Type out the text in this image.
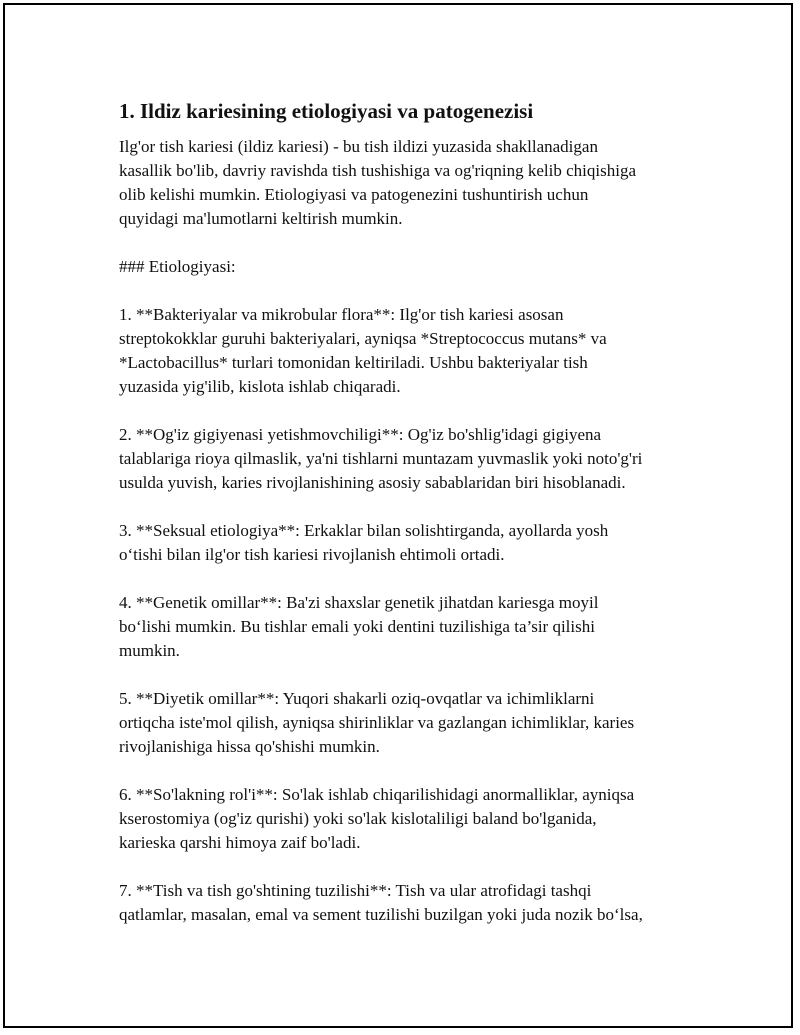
1. Ildiz kariesining etiologiyasi va patogenezisi

Ilg'or tish kariesi (ildiz kariesi) - bu tish ildizi yuzasida shakllanadigan
kasallik bo'lib, davriy ravishda tish tushishiga va og'riqning kelib chiqishiga
olib kelishi mumkin. Etiologiyasi va patogenezini tushuntirish uchun
quyidagi ma'lumotlarni keltirish mumkin.

### Etiologiyasi:

1. **Bakteriyalar va mikrobular flora**: Ilg'or tish kariesi asosan
streptokokklar guruhi bakteriyalari, ayniqsa *Streptococcus mutans* va
*Lactobacillus* turlari tomonidan keltiriladi. Ushbu bakteriyalar tish
yuzasida yig'ilib, kislota ishlab chiqaradi.

2. **Og'iz gigiyenasi yetishmovchiligi**: Og'iz bo'shlig'idagi gigiyena
talablariga rioya qilmaslik, ya'ni tishlarni muntazam yuvmaslik yoki noto'g'ri
usulda yuvish, karies rivojlanishining asosiy sabablaridan biri hisoblanadi.

3. **Seksual etiologiya**: Erkaklar bilan solishtirganda, ayollarda yosh
o‘tishi bilan ilg'or tish kariesi rivojlanish ehtimoli ortadi.

4. **Genetik omillar**: Ba'zi shaxslar genetik jihatdan kariesga moyil
bo‘lishi mumkin. Bu tishlar emali yoki dentini tuzilishiga ta’sir qilishi
mumkin.

5. **Diyetik omillar**: Yuqori shakarli oziq-ovqatlar va ichimliklarni
ortiqcha iste'mol qilish, ayniqsa shirinliklar va gazlangan ichimliklar, karies
rivojlanishiga hissa qo'shishi mumkin.

6. **So'lakning rol'i**: So'lak ishlab chiqarilishidagi anormalliklar, ayniqsa
kserostomiya (og'iz qurishi) yoki so'lak kislotaliligi baland bo'lganida,
karieska qarshi himoya zaif bo'ladi.

7. **Tish va tish go'shtining tuzilishi**: Tish va ular atrofidagi tashqi
qatlamlar, masalan, emal va sement tuzilishi buzilgan yoki juda nozik bo‘lsa,
